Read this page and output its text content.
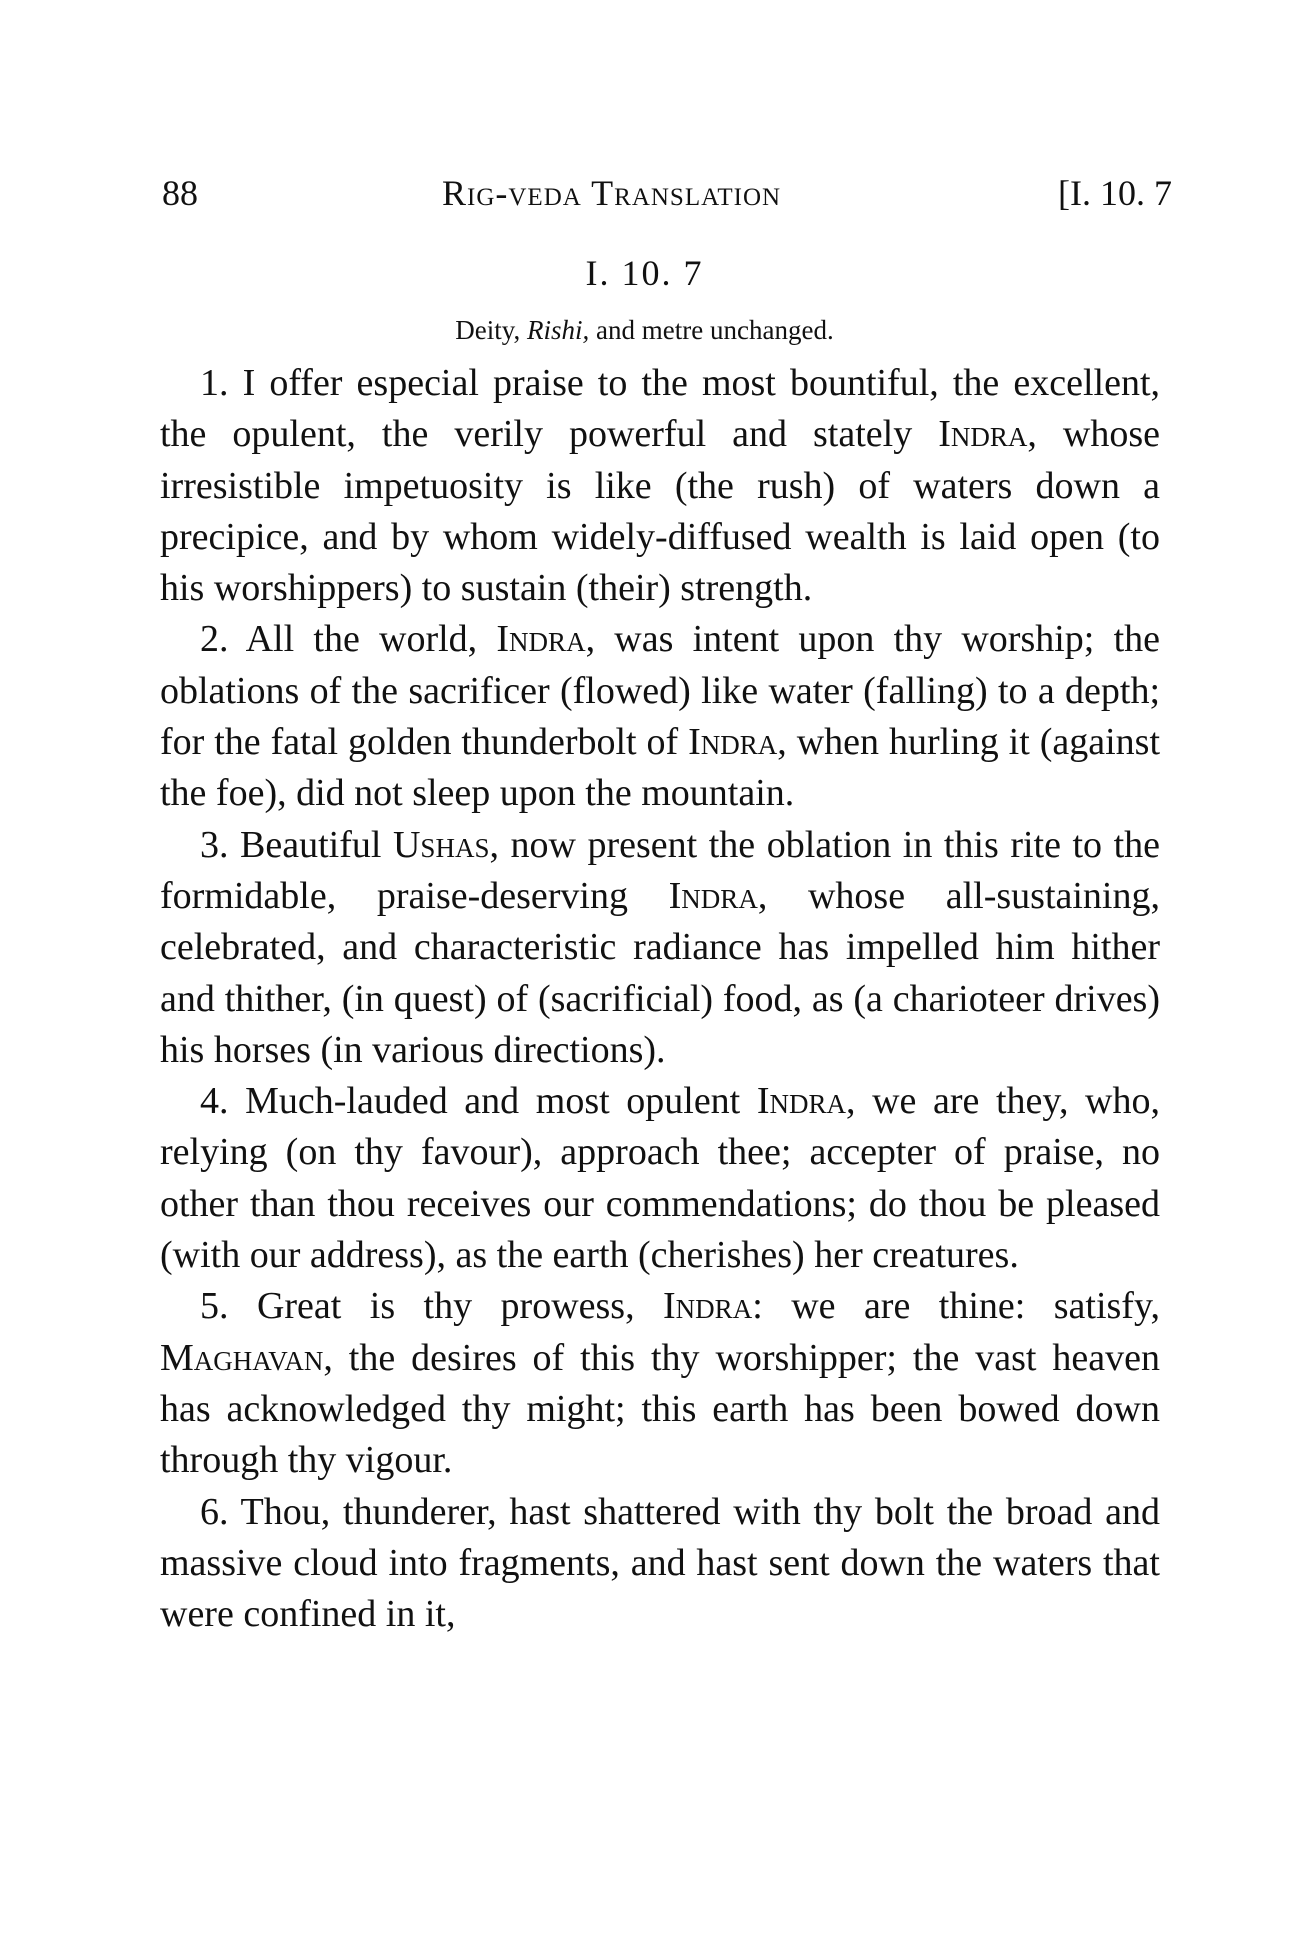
88	Rig-veda Translation	[I. 10. 7
I. 10. 7
Deity, Rishi, and metre unchanged.

1. I offer especial praise to the most bountiful, the excellent, the opulent, the verily powerful and stately Indra, whose irresistible impetuosity is like (the rush) of waters down a precipice, and by whom widely-diffused wealth is laid open (to his worshippers) to sustain (their) strength.

2. All the world, Indra, was intent upon thy worship; the oblations of the sacrificer (flowed) like water (falling) to a depth; for the fatal golden thunderbolt of Indra, when hurling it (against the foe), did not sleep upon the mountain.

3. Beautiful Ushas, now present the oblation in this rite to the formidable, praise-deserving Indra, whose all-sustaining, celebrated, and characteristic radiance has impelled him hither and thither, (in quest) of (sacrificial) food, as (a charioteer drives) his horses (in various directions).

4. Much-lauded and most opulent Indra, we are they, who, relying (on thy favour), approach thee; accepter of praise, no other than thou receives our commendations; do thou be pleased (with our address), as the earth (cherishes) her creatures.

5. Great is thy prowess, Indra: we are thine: satisfy, Maghavan, the desires of this thy worshipper; the vast heaven has acknowledged thy might; this earth has been bowed down through thy vigour.

6. Thou, thunderer, hast shattered with thy bolt the broad and massive cloud into fragments, and hast sent down the waters that were confined in it,
